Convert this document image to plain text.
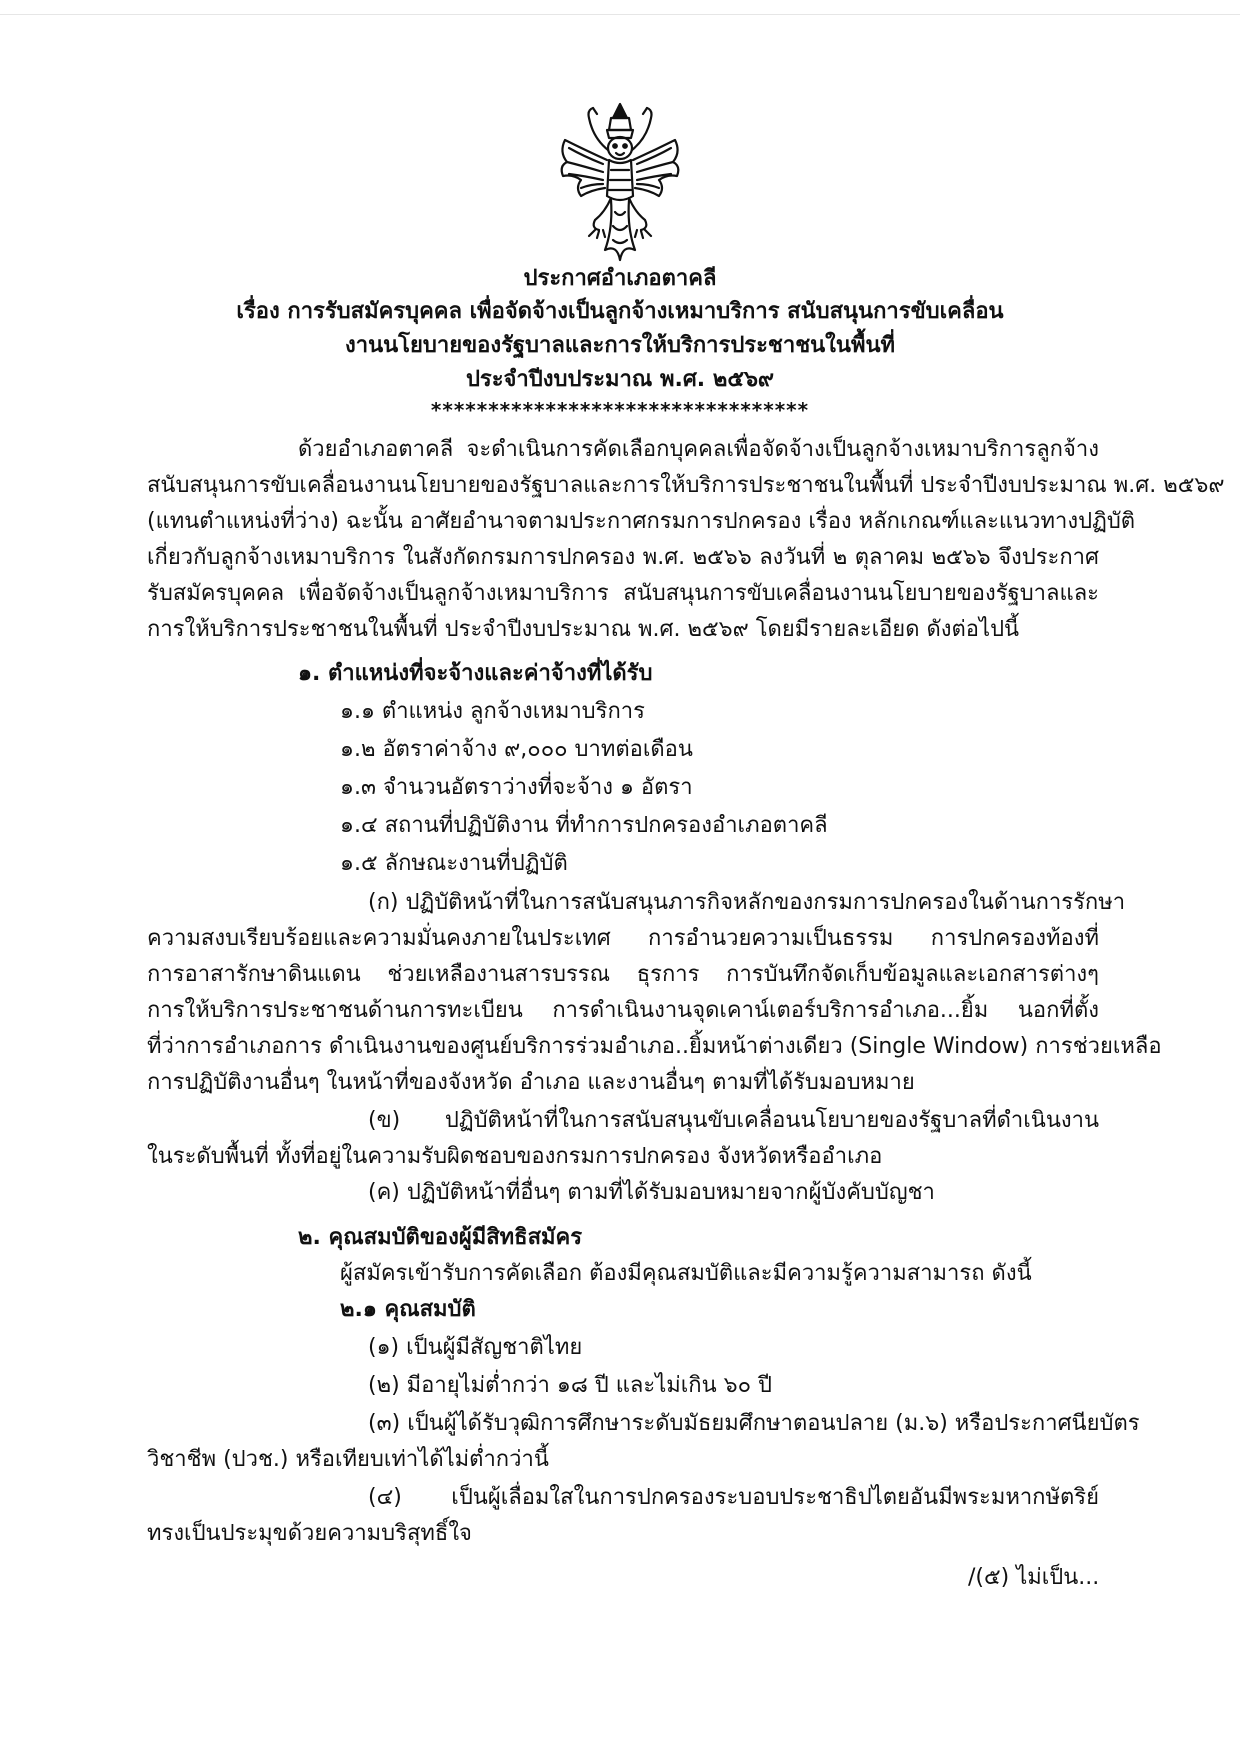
ประกาศอำเภอตาคลี
เรื่อง การรับสมัครบุคคล เพื่อจัดจ้างเป็นลูกจ้างเหมาบริการ สนับสนุนการขับเคลื่อน
งานนโยบายของรัฐบาลและการให้บริการประชาชนในพื้นที่
ประจำปีงบประมาณ พ.ศ. ๒๕๖๙
*********************************
ด้วยอำเภอตาคลี จะดำเนินการคัดเลือกบุคคลเพื่อจัดจ้างเป็นลูกจ้างเหมาบริการลูกจ้าง
สนับสนุนการขับเคลื่อนงานนโยบายของรัฐบาลและการให้บริการประชาชนในพื้นที่ ประจำปีงบประมาณ พ.ศ. ๒๕๖๙
(แทนตำแหน่งที่ว่าง) ฉะนั้น อาศัยอำนาจตามประกาศกรมการปกครอง เรื่อง หลักเกณฑ์และแนวทางปฏิบัติ
เกี่ยวกับลูกจ้างเหมาบริการ ในสังกัดกรมการปกครอง พ.ศ. ๒๕๖๖ ลงวันที่ ๒ ตุลาคม ๒๕๖๖ จึงประกาศ
รับสมัครบุคคล เพื่อจัดจ้างเป็นลูกจ้างเหมาบริการ สนับสนุนการขับเคลื่อนงานนโยบายของรัฐบาลและ
การให้บริการประชาชนในพื้นที่ ประจำปีงบประมาณ พ.ศ. ๒๕๖๙ โดยมีรายละเอียด ดังต่อไปนี้
๑. ตำแหน่งที่จะจ้างและค่าจ้างที่ได้รับ
๑.๑ ตำแหน่ง ลูกจ้างเหมาบริการ
๑.๒ อัตราค่าจ้าง ๙,๐๐๐ บาทต่อเดือน
๑.๓ จำนวนอัตราว่างที่จะจ้าง ๑ อัตรา
๑.๔ สถานที่ปฏิบัติงาน ที่ทำการปกครองอำเภอตาคลี
๑.๕ ลักษณะงานที่ปฏิบัติ
(ก) ปฏิบัติหน้าที่ในการสนับสนุนภารกิจหลักของกรมการปกครองในด้านการรักษา
ความสงบเรียบร้อยและความมั่นคงภายในประเทศ การอำนวยความเป็นธรรม การปกครองท้องที่
การอาสารักษาดินแดน ช่วยเหลืองานสารบรรณ ธุรการ การบันทึกจัดเก็บข้อมูลและเอกสารต่างๆ
การให้บริการประชาชนด้านการทะเบียน การดำเนินงานจุดเคาน์เตอร์บริการอำเภอ...ยิ้ม นอกที่ตั้ง
ที่ว่าการอำเภอการ ดำเนินงานของศูนย์บริการร่วมอำเภอ..ยิ้มหน้าต่างเดียว (Single Window) การช่วยเหลือ
การปฏิบัติงานอื่นๆ ในหน้าที่ของจังหวัด อำเภอ และงานอื่นๆ ตามที่ได้รับมอบหมาย
(ข) ปฏิบัติหน้าที่ในการสนับสนุนขับเคลื่อนนโยบายของรัฐบาลที่ดำเนินงาน
ในระดับพื้นที่ ทั้งที่อยู่ในความรับผิดชอบของกรมการปกครอง จังหวัดหรืออำเภอ
(ค) ปฏิบัติหน้าที่อื่นๆ ตามที่ได้รับมอบหมายจากผู้บังคับบัญชา
๒. คุณสมบัติของผู้มีสิทธิสมัคร
ผู้สมัครเข้ารับการคัดเลือก ต้องมีคุณสมบัติและมีความรู้ความสามารถ ดังนี้
๒.๑ คุณสมบัติ
(๑) เป็นผู้มีสัญชาติไทย
(๒) มีอายุไม่ต่ำกว่า ๑๘ ปี และไม่เกิน ๖๐ ปี
(๓) เป็นผู้ได้รับวุฒิการศึกษาระดับมัธยมศึกษาตอนปลาย (ม.๖) หรือประกาศนียบัตร
วิชาชีพ (ปวช.) หรือเทียบเท่าได้ไม่ต่ำกว่านี้
(๔) เป็นผู้เลื่อมใสในการปกครองระบอบประชาธิปไตยอันมีพระมหากษัตริย์
ทรงเป็นประมุขด้วยความบริสุทธิ์ใจ
/(๕) ไม่เป็น...
